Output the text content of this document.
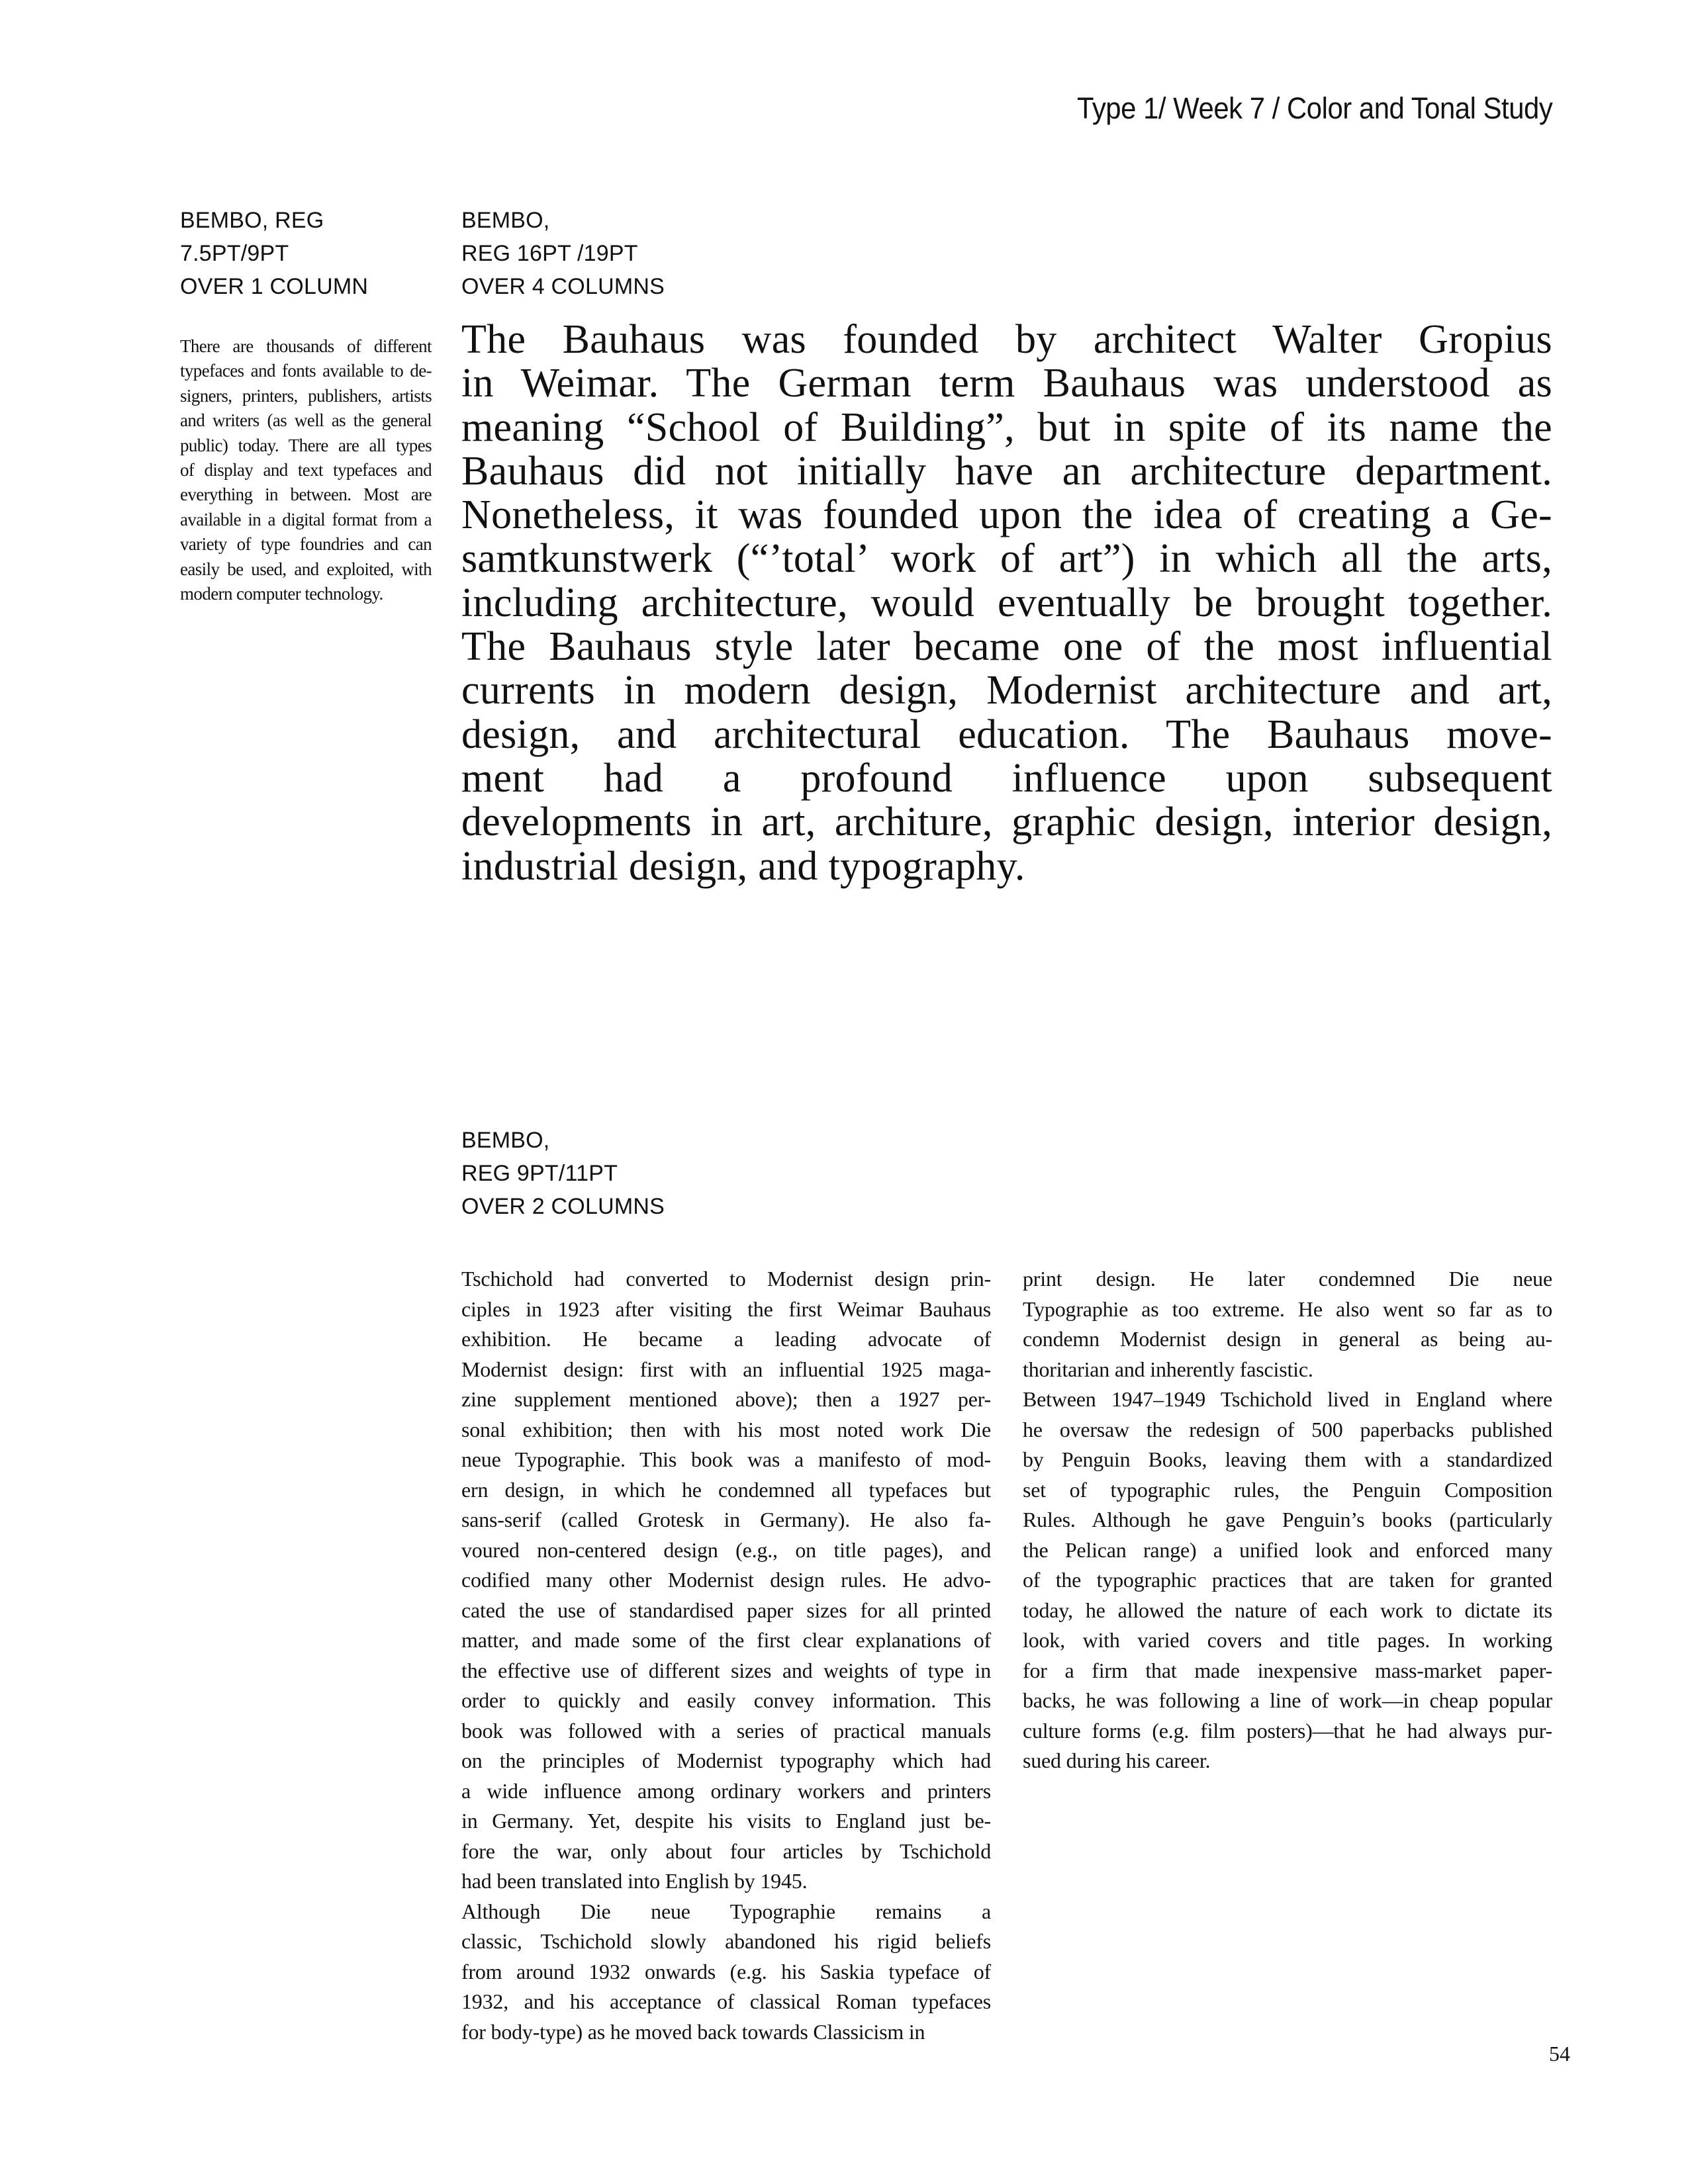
Type 1/ Week 7 / Color and Tonal Study
BEMBO, REG
7.5PT/9PT
OVER 1 COLUMN
BEMBO,
REG 16PT /19PT
OVER 4 COLUMNS
There are thousands of different
typefaces and fonts available to de-
signers, printers, publishers, artists
and writers (as well as the general
public) today. There are all types
of display and text typefaces and
everything in between. Most are
available in a digital format from a
variety of type foundries and can
easily be used, and exploited, with
modern computer technology.
The Bauhaus was founded by architect Walter Gropius
in Weimar. The German term Bauhaus was understood as
meaning “School of Building”, but in spite of its name the
Bauhaus did not initially have an architecture department.
Nonetheless, it was founded upon the idea of creating a Ge-
samtkunstwerk (“’total’ work of art”) in which all the arts,
including architecture, would eventually be brought together.
The Bauhaus style later became one of the most influential
currents in modern design, Modernist architecture and art,
design, and architectural education. The Bauhaus move-
ment had a profound influence upon subsequent
developments in art, architure, graphic design, interior design,
industrial design, and typography.
BEMBO,
REG 9PT/11PT
OVER 2 COLUMNS
Tschichold had converted to Modernist design prin-
ciples in 1923 after visiting the first Weimar Bauhaus
exhibition. He became a leading advocate of
Modernist design: first with an influential 1925 maga-
zine supplement mentioned above); then a 1927 per-
sonal exhibition; then with his most noted work Die
neue Typographie. This book was a manifesto of mod-
ern design, in which he condemned all typefaces but
sans-serif (called Grotesk in Germany). He also fa-
voured non-centered design (e.g., on title pages), and
codified many other Modernist design rules. He advo-
cated the use of standardised paper sizes for all printed
matter, and made some of the first clear explanations of
the effective use of different sizes and weights of type in
order to quickly and easily convey information. This
book was followed with a series of practical manuals
on the principles of Modernist typography which had
a wide influence among ordinary workers and printers
in Germany. Yet, despite his visits to England just be-
fore the war, only about four articles by Tschichold
had been translated into English by 1945.
Although Die neue Typographie remains a
classic, Tschichold slowly abandoned his rigid beliefs
from around 1932 onwards (e.g. his Saskia typeface of
1932, and his acceptance of classical Roman typefaces
for body-type) as he moved back towards Classicism in
print design. He later condemned Die neue
Typographie as too extreme. He also went so far as to
condemn Modernist design in general as being au-
thoritarian and inherently fascistic.
Between 1947–1949 Tschichold lived in England where
he oversaw the redesign of 500 paperbacks published
by Penguin Books, leaving them with a standardized
set of typographic rules, the Penguin Composition
Rules. Although he gave Penguin’s books (particularly
the Pelican range) a unified look and enforced many
of the typographic practices that are taken for granted
today, he allowed the nature of each work to dictate its
look, with varied covers and title pages. In working
for a firm that made inexpensive mass-market paper-
backs, he was following a line of work—in cheap popular
culture forms (e.g. film posters)—that he had always pur-
sued during his career.
54
